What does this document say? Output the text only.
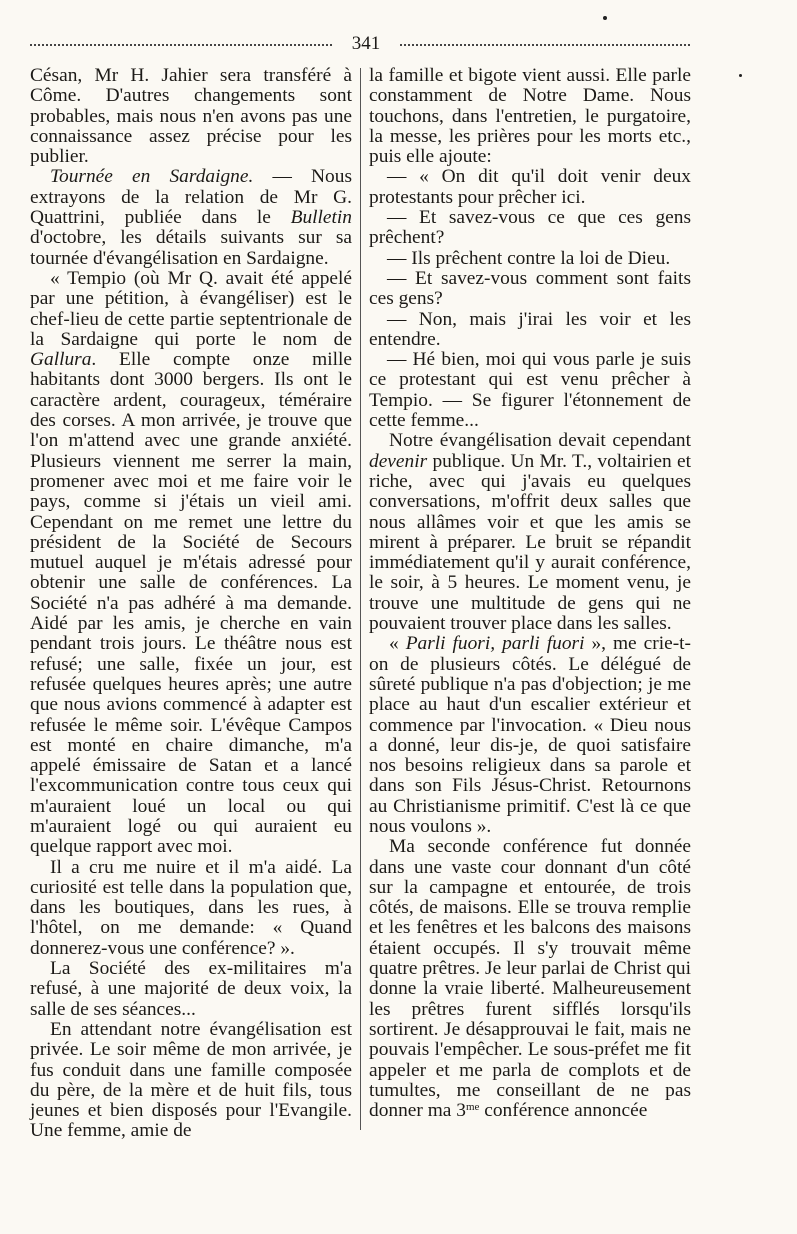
341

Césan, Mr H. Jahier sera transféré à Côme. D'autres changements sont probables, mais nous n'en avons pas une connaissance assez précise pour les publier.

Tournée en Sardaigne. — Nous extrayons de la relation de Mr G. Quattrini, publiée dans le Bulletin d'octobre, les détails suivants sur sa tournée d'évangélisation en Sardaigne.

« Tempio (où Mr Q. avait été appelé par une pétition, à évangéliser) est le chef-lieu de cette partie septentrionale de la Sardaigne qui porte le nom de Gallura. Elle compte onze mille habitants dont 3000 bergers. Ils ont le caractère ardent, courageux, téméraire des corses. A mon arrivée, je trouve que l'on m'attend avec une grande anxiété. Plusieurs viennent me serrer la main, promener avec moi et me faire voir le pays, comme si j'étais un vieil ami. Cependant on me remet une lettre du président de la Société de Secours mutuel auquel je m'étais adressé pour obtenir une salle de conférences. La Société n'a pas adhéré à ma demande. Aidé par les amis, je cherche en vain pendant trois jours. Le théâtre nous est refusé; une salle, fixée un jour, est refusée quelques heures après; une autre que nous avions commencé à adapter est refusée le même soir. L'évêque Campos est monté en chaire dimanche, m'a appelé émissaire de Satan et a lancé l'excommunication contre tous ceux qui m'auraient loué un local ou qui m'auraient logé ou qui auraient eu quelque rapport avec moi.

Il a cru me nuire et il m'a aidé. La curiosité est telle dans la population que, dans les boutiques, dans les rues, à l'hôtel, on me demande: « Quand donnerez-vous une conférence? ».

La Société des ex-militaires m'a refusé, à une majorité de deux voix, la salle de ses séances...

En attendant notre évangélisation est privée. Le soir même de mon arrivée, je fus conduit dans une famille composée du père, de la mère et de huit fils, tous jeunes et bien disposés pour l'Evangile. Une femme, amie de

la famille et bigote vient aussi. Elle parle constamment de Notre Dame. Nous touchons, dans l'entretien, le purgatoire, la messe, les prières pour les morts etc., puis elle ajoute:

— « On dit qu'il doit venir deux protestants pour prêcher ici.

— Et savez-vous ce que ces gens prêchent?

— Ils prêchent contre la loi de Dieu.

— Et savez-vous comment sont faits ces gens?

— Non, mais j'irai les voir et les entendre.

— Hé bien, moi qui vous parle je suis ce protestant qui est venu prêcher à Tempio. — Se figurer l'étonnement de cette femme...

Notre évangélisation devait cependant devenir publique. Un Mr. T., voltairien et riche, avec qui j'avais eu quelques conversations, m'offrit deux salles que nous allâmes voir et que les amis se mirent à préparer. Le bruit se répandit immédiatement qu'il y aurait conférence, le soir, à 5 heures. Le moment venu, je trouve une multitude de gens qui ne pouvaient trouver place dans les salles.

« Parli fuori, parli fuori », me crie-t-on de plusieurs côtés. Le délégué de sûreté publique n'a pas d'objection; je me place au haut d'un escalier extérieur et commence par l'invocation. « Dieu nous a donné, leur dis-je, de quoi satisfaire nos besoins religieux dans sa parole et dans son Fils Jésus-Christ. Retournons au Christianisme primitif. C'est là ce que nous voulons ».

Ma seconde conférence fut donnée dans une vaste cour donnant d'un côté sur la campagne et entourée, de trois côtés, de maisons. Elle se trouva remplie et les fenêtres et les balcons des maisons étaient occupés. Il s'y trouvait même quatre prêtres. Je leur parlai de Christ qui donne la vraie liberté. Malheureusement les prêtres furent sifflés lorsqu'ils sortirent. Je désapprouvai le fait, mais ne pouvais l'empêcher. Le sous-préfet me fit appeler et me parla de complots et de tumultes, me conseillant de ne pas donner ma $3^{me}$ conférence annoncée
